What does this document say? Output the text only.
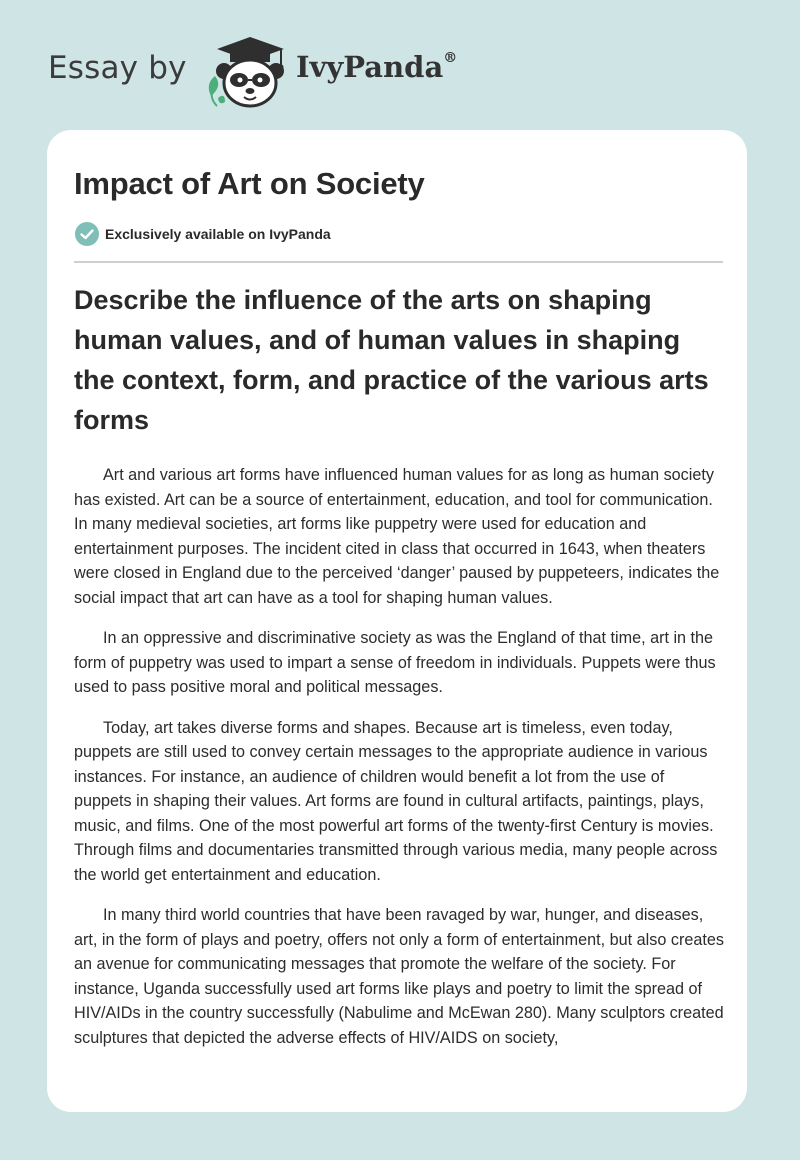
Essay by	IvyPanda®
Impact of Art on Society
Exclusively available on IvyPanda
Describe the influence of the arts on shaping human values, and of human values in shaping the context, form, and practice of the various arts forms

Art and various art forms have influenced human values for as long as human society has existed. Art can be a source of entertainment, education, and tool for communication. In many medieval societies, art forms like puppetry were used for education and entertainment purposes. The incident cited in class that occurred in 1643, when theaters were closed in England due to the perceived ‘danger’ paused by puppeteers, indicates the social impact that art can have as a tool for shaping human values.

In an oppressive and discriminative society as was the England of that time, art in the form of puppetry was used to impart a sense of freedom in individuals. Puppets were thus used to pass positive moral and political messages.

Today, art takes diverse forms and shapes. Because art is timeless, even today, puppets are still used to convey certain messages to the appropriate audience in various instances. For instance, an audience of children would benefit a lot from the use of puppets in shaping their values. Art forms are found in cultural artifacts, paintings, plays, music, and films. One of the most powerful art forms of the twenty-first Century is movies. Through films and documentaries transmitted through various media, many people across the world get entertainment and education.

In many third world countries that have been ravaged by war, hunger, and diseases, art, in the form of plays and poetry, offers not only a form of entertainment, but also creates an avenue for communicating messages that promote the welfare of the society. For instance, Uganda successfully used art forms like plays and poetry to limit the spread of HIV/AIDs in the country successfully (Nabulime and McEwan 280). Many sculptors created sculptures that depicted the adverse effects of HIV/AIDS on society,
